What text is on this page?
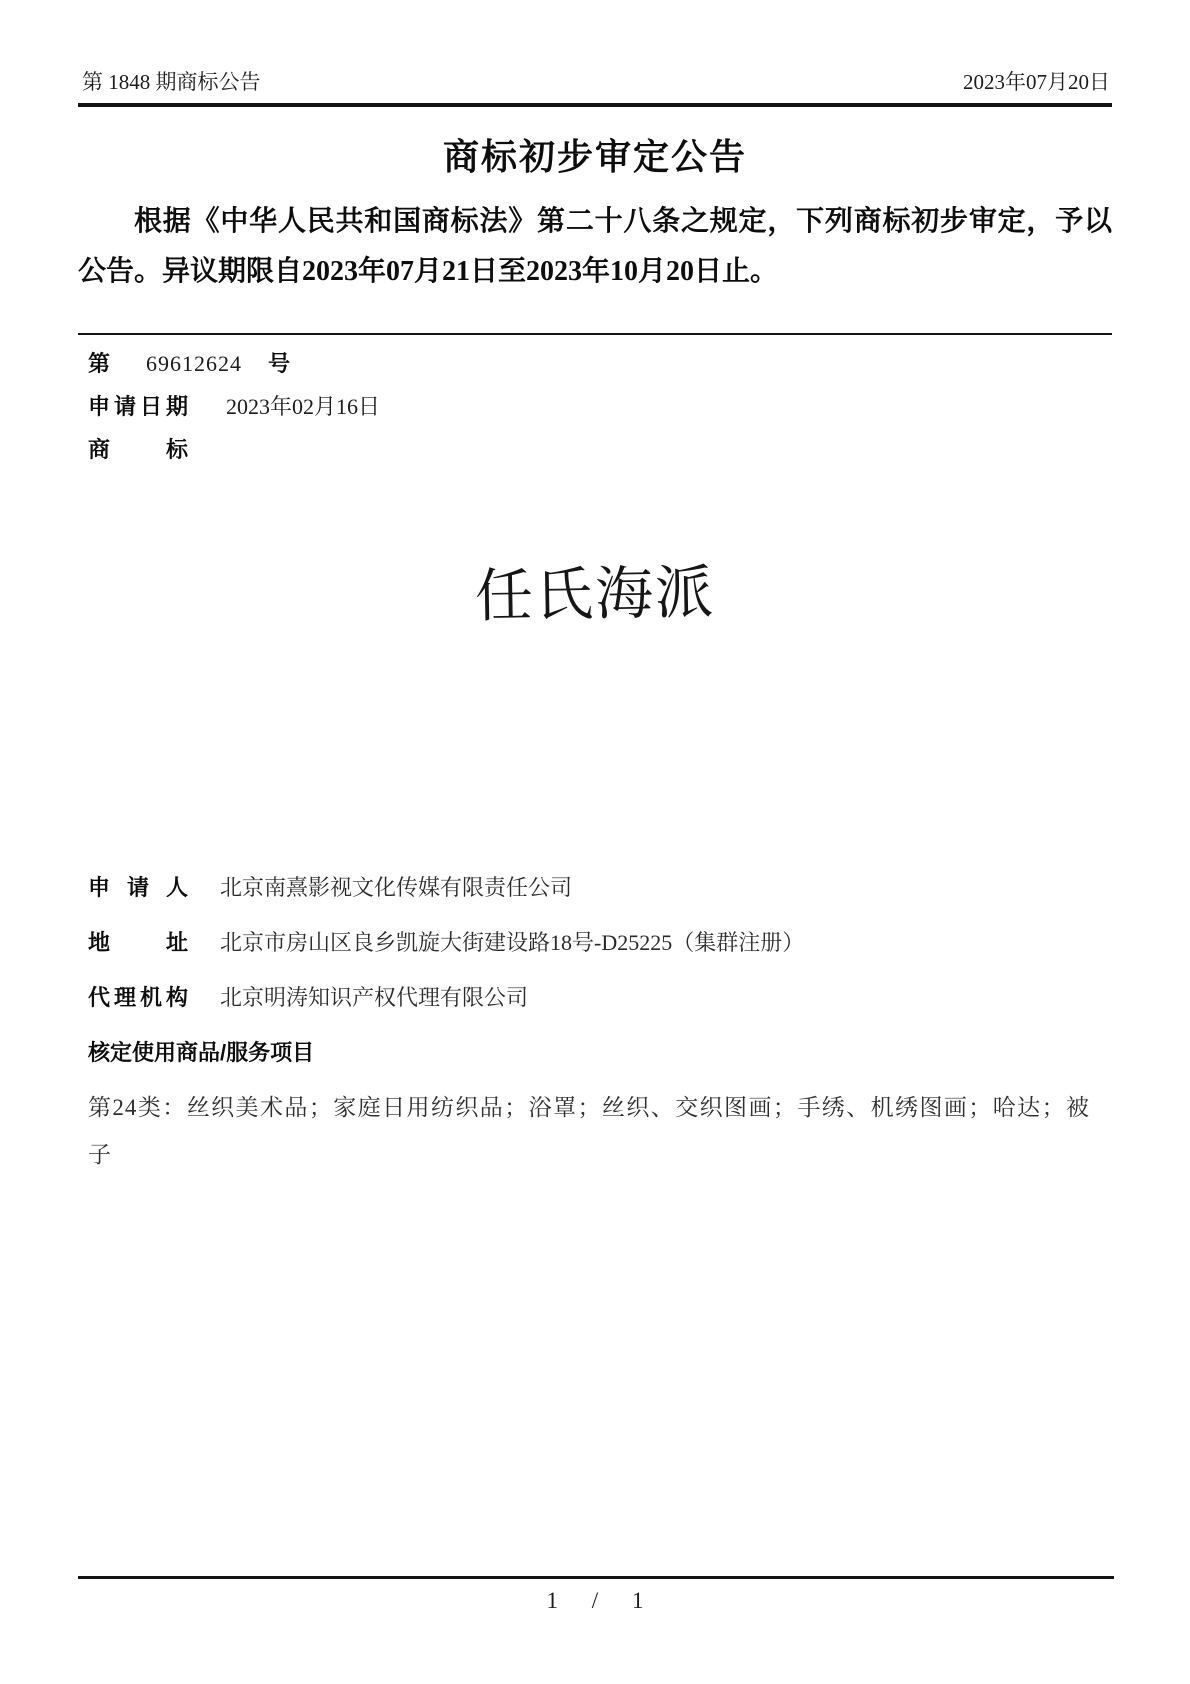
第 1848 期商标公告	2023年07月20日
商标初步审定公告

根据《中华人民共和国商标法》第二十八条之规定，下列商标初步审定，予以公告。异议期限自2023年07月21日至2023年10月20日止。

第 69612624 号
申请日期 2023年02月16日
商标
任氏海派
申请人 北京南熹影视文化传媒有限责任公司
地址 北京市房山区良乡凯旋大街建设路18号-D25225（集群注册）
代理机构 北京明涛知识产权代理有限公司
核定使用商品/服务项目
第24类：丝织美术品；家庭日用纺织品；浴罩；丝织、交织图画；手绣、机绣图画；哈达；被子
1 / 1
